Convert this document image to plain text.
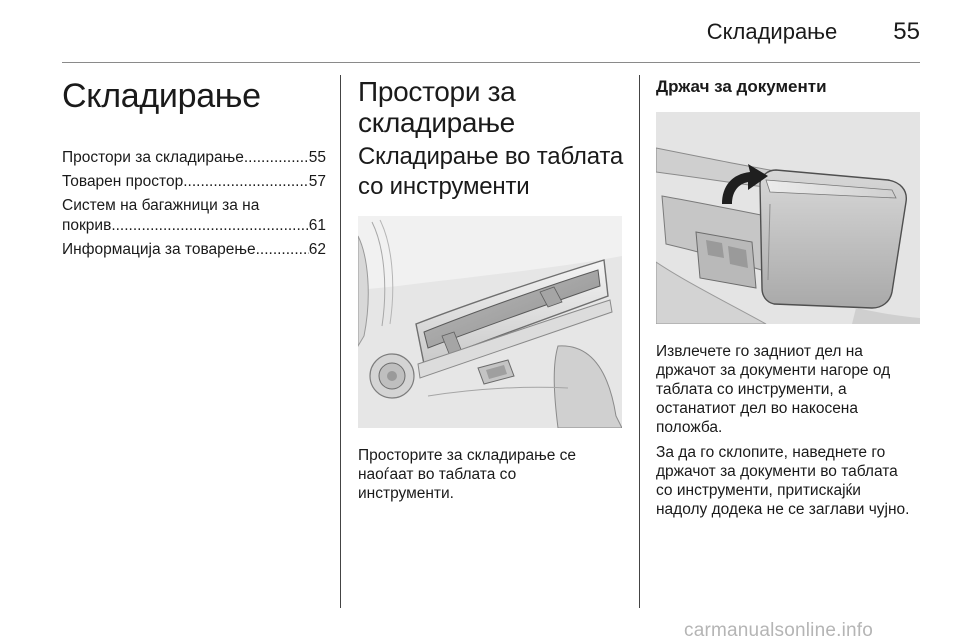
Складирање 55
Складирање
Простори за складирање .....	55
Товарен простор .....	57
Систем на багажници за на
покрив .....	61
Информација за товарење .....	62
Простори за
складирање
Складирање во таблата
со инструменти

Просторите за складирање се
наоѓаат во таблата со
инструменти.

Држач за документи

Извлечете го задниот дел на
држачот за документи нагоре од
таблата со инструменти, а
останатиот дел во накосена
положба.

За да го склопите, наведнете го
држачот за документи во таблата
со инструменти, притискајќи
надолу додека не се заглави чујно.

carmanualsonline.info
